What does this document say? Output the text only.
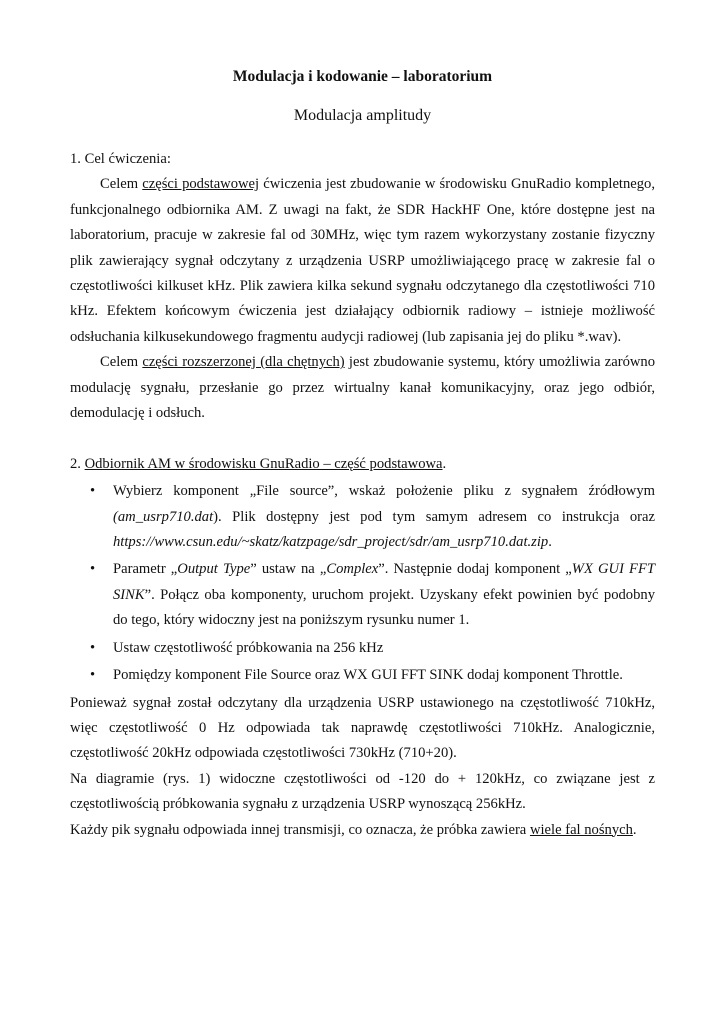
Modulacja i kodowanie – laboratorium
Modulacja amplitudy

1. Cel ćwiczenia:

Celem części podstawowej ćwiczenia jest zbudowanie w środowisku GnuRadio kompletnego, funkcjonalnego odbiornika AM. Z uwagi na fakt, że SDR HackHF One, które dostępne jest na laboratorium, pracuje w zakresie fal od 30MHz, więc tym razem wykorzystany zostanie fizyczny plik zawierający sygnał odczytany z urządzenia USRP umożliwiającego pracę w zakresie fal o częstotliwości kilkuset kHz. Plik zawiera kilka sekund sygnału odczytanego dla częstotliwości 710 kHz. Efektem końcowym ćwiczenia jest działający odbiornik radiowy – istnieje możliwość odsłuchania kilkusekundowego fragmentu audycji radiowej (lub zapisania jej do pliku *.wav).

Celem części rozszerzonej (dla chętnych) jest zbudowanie systemu, który umożliwia zarówno modulację sygnału, przesłanie go przez wirtualny kanał komunikacyjny, oraz jego odbiór, demodulację i odsłuch.

2. Odbiornik AM w środowisku GnuRadio – część podstawowa.

• Wybierz komponent „File source”, wskaż położenie pliku z sygnałem źródłowym (am_usrp710.dat). Plik dostępny jest pod tym samym adresem co instrukcja oraz https://www.csun.edu/~skatz/katzpage/sdr_project/sdr/am_usrp710.dat.zip.
• Parametr „Output Type” ustaw na „Complex”. Następnie dodaj komponent „WX GUI FFT SINK”. Połącz oba komponenty, uruchom projekt. Uzyskany efekt powinien być podobny do tego, który widoczny jest na poniższym rysunku numer 1.
• Ustaw częstotliwość próbkowania na 256 kHz
• Pomiędzy komponent File Source oraz WX GUI FFT SINK dodaj komponent Throttle.

Ponieważ sygnał został odczytany dla urządzenia USRP ustawionego na częstotliwość 710kHz, więc częstotliwość 0 Hz odpowiada tak naprawdę częstotliwości 710kHz. Analogicznie, częstotliwość 20kHz odpowiada częstotliwości 730kHz (710+20).

Na diagramie (rys. 1) widoczne częstotliwości od -120 do + 120kHz, co związane jest z częstotliwością próbkowania sygnału z urządzenia USRP wynoszącą 256kHz.

Każdy pik sygnału odpowiada innej transmisji, co oznacza, że próbka zawiera wiele fal nośnych.
